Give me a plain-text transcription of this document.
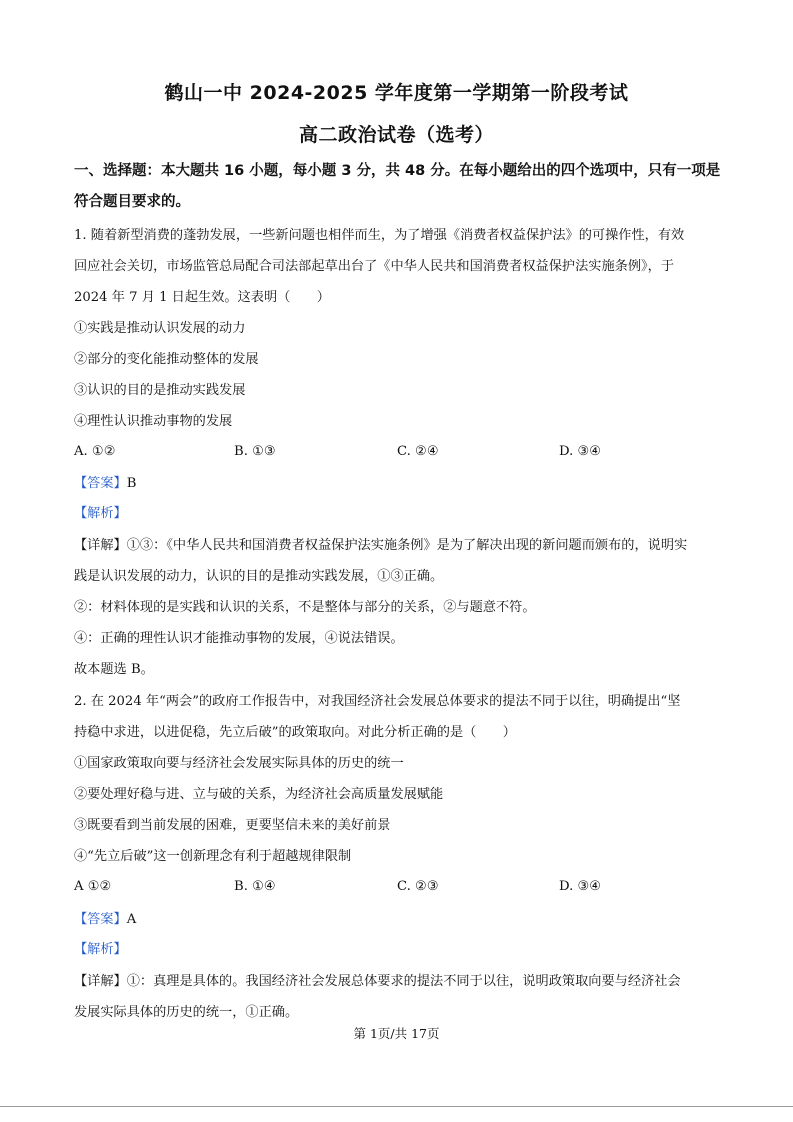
鹤山一中 2024-2025 学年度第一学期第一阶段考试
高二政治试卷（选考）
一、选择题：本大题共 16 小题，每小题 3 分，共 48 分。在每小题给出的四个选项中，只有一项是符合题目要求的。
1. 随着新型消费的蓬勃发展，一些新问题也相伴而生，为了增强《消费者权益保护法》的可操作性，有效
回应社会关切，市场监管总局配合司法部起草出台了《中华人民共和国消费者权益保护法实施条例》，于
2024 年 7 月 1 日起生效。这表明（　　）
①实践是推动认识发展的动力
②部分的变化能推动整体的发展
③认识的目的是推动实践发展
④理性认识推动事物的发展
A. ①②	B. ①③	C. ②④	D. ③④
【答案】B
【解析】
【详解】①③：《中华人民共和国消费者权益保护法实施条例》是为了解决出现的新问题而颁布的，说明实
践是认识发展的动力，认识的目的是推动实践发展，①③正确。
②：材料体现的是实践和认识的关系，不是整体与部分的关系，②与题意不符。
④：正确的理性认识才能推动事物的发展，④说法错误。
故本题选 B。
2. 在 2024 年“两会”的政府工作报告中，对我国经济社会发展总体要求的提法不同于以往，明确提出“坚
持稳中求进，以进促稳，先立后破”的政策取向。对此分析正确的是（　　）
①国家政策取向要与经济社会发展实际具体的历史的统一
②要处理好稳与进、立与破的关系，为经济社会高质量发展赋能
③既要看到当前发展的困难，更要坚信未来的美好前景
④“先立后破”这一创新理念有利于超越规律限制
A ①②	B. ①④	C. ②③	D. ③④
【答案】A
【解析】
【详解】①：真理是具体的。我国经济社会发展总体要求的提法不同于以往，说明政策取向要与经济社会
发展实际具体的历史的统一，①正确。
第 1页/共 17页
